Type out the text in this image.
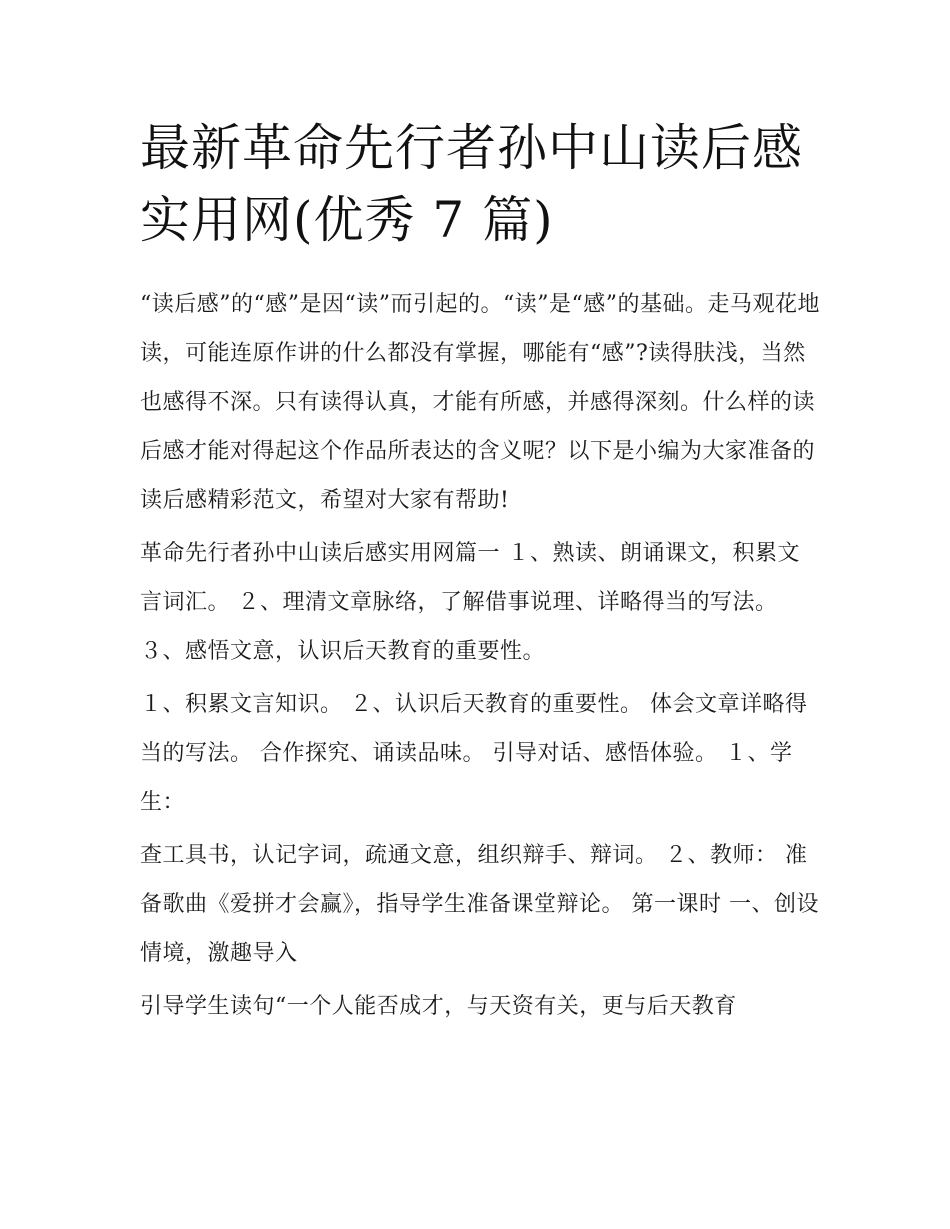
最新革命先行者孙中山读后感实用网(优秀 7 篇)

“读后感”的“感”是因“读”而引起的。“读”是“感”的基础。走马观花地读，可能连原作讲的什么都没有掌握，哪能有“感”?读得肤浅，当然也感得不深。只有读得认真，才能有所感，并感得深刻。什么样的读后感才能对得起这个作品所表达的含义呢？以下是小编为大家准备的读后感精彩范文，希望对大家有帮助!

革命先行者孙中山读后感实用网篇一 １、熟读、朗诵课文，积累文言词汇。 ２、理清文章脉络，了解借事说理、详略得当的写法。 ３、感悟文意，认识后天教育的重要性。

１、积累文言知识。 ２、认识后天教育的重要性。 体会文章详略得当的写法。 合作探究、诵读品味。 引导对话、感悟体验。 １、学生：

查工具书，认记字词，疏通文意，组织辩手、辩词。 ２、教师： 准备歌曲《爱拼才会赢》，指导学生准备课堂辩论。 第一课时 一、创设情境，激趣导入

引导学生读句“一个人能否成才，与天资有关，更与后天教育
